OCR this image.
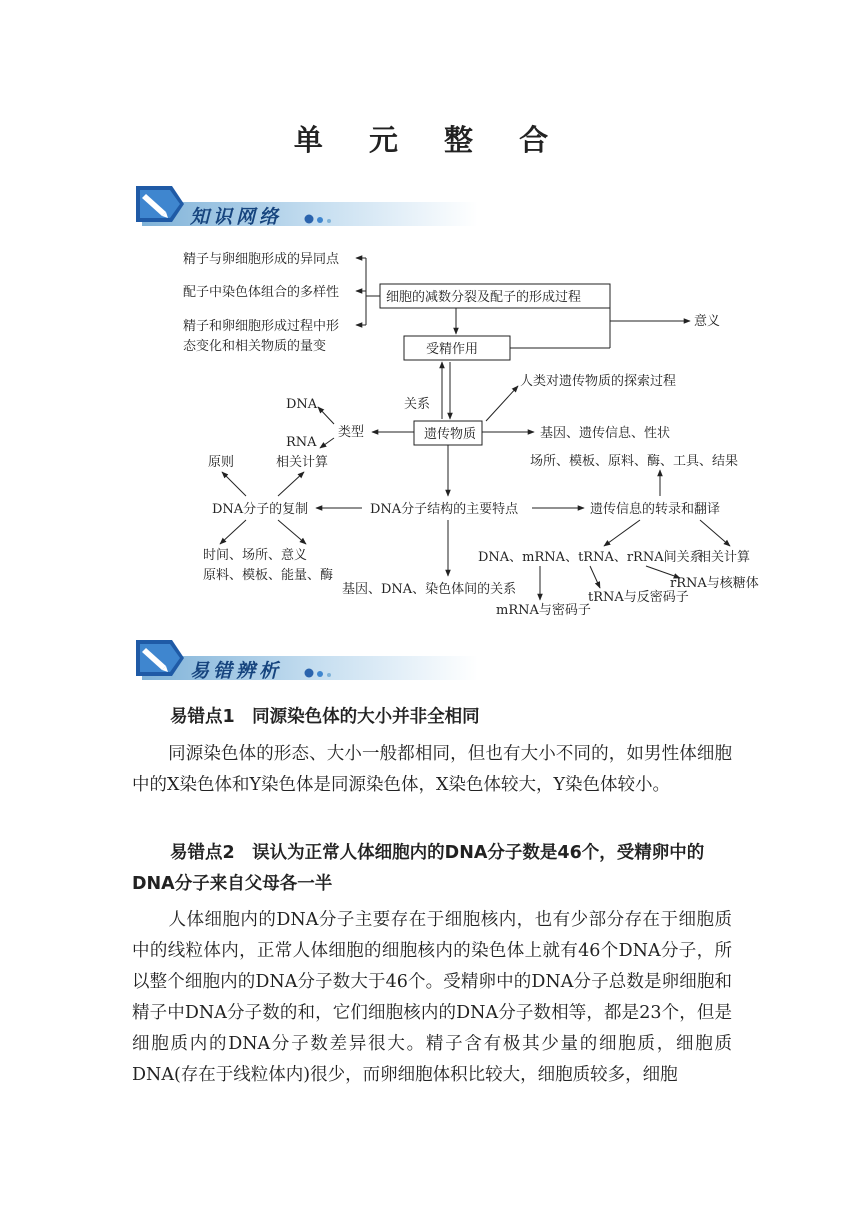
单 元 整 合
知识网络
易错辨析
精子与卵细胞形成的异同点
配子中染色体组合的多样性
精子和卵细胞形成过程中形
态变化和相关物质的量变
细胞的减数分裂及配子的形成过程
意义
受精作用
关系
人类对遗传物质的探索过程
DNA
RNA
类型	遗传物质	基因、遗传信息、性状
场所、模板、原料、酶、工具、结果
原则	相关计算
DNA分子的复制	DNA分子结构的主要特点	遗传信息的转录和翻译
时间、场所、意义
原料、模板、能量、酶
基因、DNA、染色体间的关系
DNA、mRNA、tRNA、rRNA间关系
相关计算
rRNA与核糖体
tRNA与反密码子
mRNA与密码子

易错点1　同源染色体的大小并非全相同

同源染色体的形态、大小一般都相同，但也有大小不同的，如男性体细胞中的X染色体和Y染色体是同源染色体，X染色体较大，Y染色体较小。

易错点2　误认为正常人体细胞内的DNA分子数是46个，受精卵中的DNA分子来自父母各一半

人体细胞内的DNA分子主要存在于细胞核内，也有少部分存在于细胞质中的线粒体内，正常人体细胞的细胞核内的染色体上就有46个DNA分子，所以整个细胞内的DNA分子数大于46个。受精卵中的DNA分子总数是卵细胞和精子中DNA分子数的和，它们细胞核内的DNA分子数相等，都是23个，但是细胞质内的DNA分子数差异很大。精子含有极其少量的细胞质，细胞质DNA(存在于线粒体内)很少，而卵细胞体积比较大，细胞质较多，细胞
